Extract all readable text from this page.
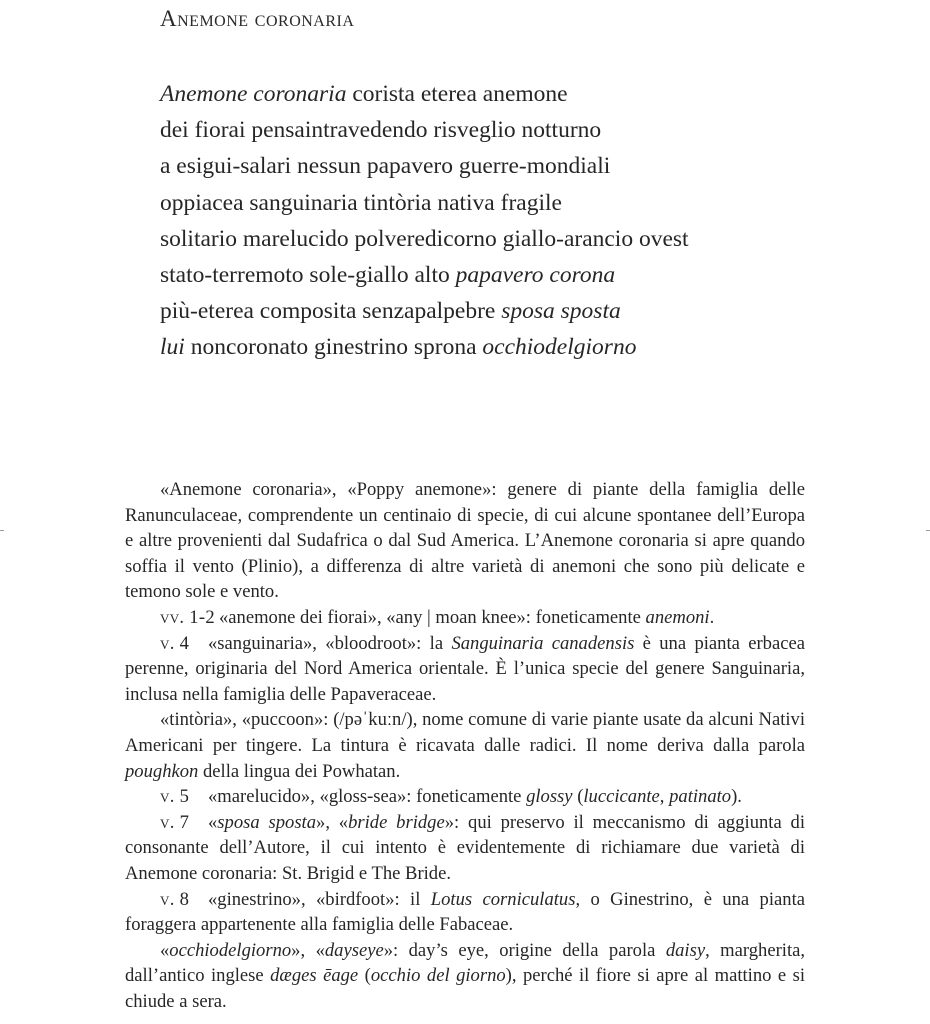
Anemone coronaria
Anemone coronaria corista eterea anemone
dei fiorai pensaintravedendo risveglio notturno
a esigui-salari nessun papavero guerre-mondiali
oppiacea sanguinaria tintòria nativa fragile
solitario marelucido polveredicorno giallo-arancio ovest
stato-terremoto sole-giallo alto papavero corona
più-eterea composita senzapalpebre sposa sposta
lui noncoronato ginestrino sprona occhiodelgiorno

«Anemone coronaria», «Poppy anemone»: genere di piante della famiglia delle Ranunculaceae, comprendente un centinaio di specie, di cui alcune spontanee dell’Europa e altre provenienti dal Sudafrica o dal Sud America. L’Anemone coronaria si apre quando soffia il vento (Plinio), a differenza di altre varietà di anemoni che sono più delicate e temono sole e vento.

vv. 1-2 «anemone dei fiorai», «any | moan knee»: foneticamente anemoni.

v. 4 «sanguinaria», «bloodroot»: la Sanguinaria canadensis è una pianta erbacea perenne, originaria del Nord America orientale. È l’unica specie del genere Sanguinaria, inclusa nella famiglia delle Papaveraceae.

«tintòria», «puccoon»: (/pəˈkuːn/), nome comune di varie piante usate da alcuni Nativi Americani per tingere. La tintura è ricavata dalle radici. Il nome deriva dalla parola poughkon della lingua dei Powhatan.

v. 5 «marelucido», «gloss-sea»: foneticamente glossy (luccicante, patinato).

v. 7 «sposa sposta», «bride bridge»: qui preservo il meccanismo di aggiunta di consonante dell’Autore, il cui intento è evidentemente di richiamare due varietà di Anemone coronaria: St. Brigid e The Bride.

v. 8 «ginestrino», «birdfoot»: il Lotus corniculatus, o Ginestrino, è una pianta foraggera appartenente alla famiglia delle Fabaceae.

«occhiodelgiorno», «dayseye»: day’s eye, origine della parola daisy, margherita, dall’antico inglese dæges ēage (occhio del giorno), perché il fiore si apre al mattino e si chiude a sera.
